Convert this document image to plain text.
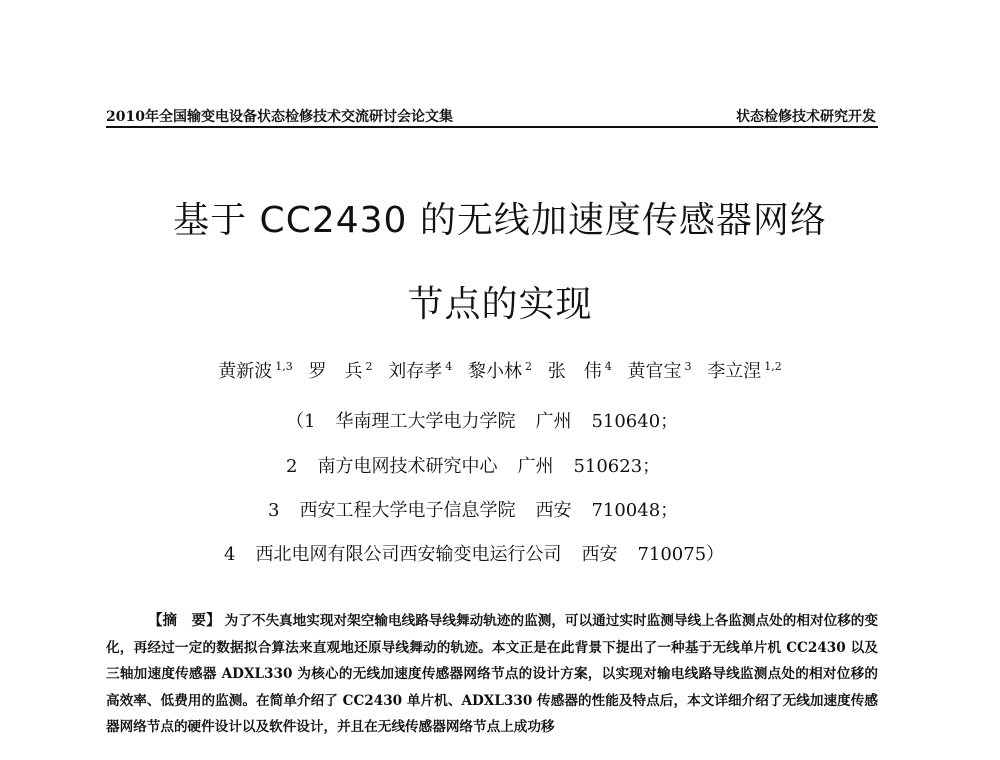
2010年全国输变电设备状态检修技术交流研讨会论文集	状态检修技术研究开发
基于 CC2430 的无线加速度传感器网络
节点的实现
黄新波 $^{1,3}$ 罗　兵 $^2$ 刘存孝 $^4$ 黎小林 $^2$ 张　伟 $^4$ 黄官宝 $^3$ 李立涅 $^{1,2}$
（1 华南理工大学电力学院 广州 510640；
2 南方电网技术研究中心 广州 510623；
3 西安工程大学电子信息学院 西安 710048；
4 西北电网有限公司西安输变电运行公司 西安 710075）
【摘　要】 为了不失真地实现对架空输电线路导线舞动轨迹的监测，可以通过实时监测导线上各监测点处的相对位移的变化，再经过一定的数据拟合算法来直观地还原导线舞动的轨迹。本文正是在此背景下提出了一种基于无线单片机 CC2430 以及三轴加速度传感器 ADXL330 为核心的无线加速度传感器网络节点的设计方案，以实现对输电线路导线监测点处的相对位移的高效率、低费用的监测。在简单介绍了 CC2430 单片机、ADXL330 传感器的性能及特点后，本文详细介绍了无线加速度传感器网络节点的硬件设计以及软件设计，并且在无线传感器网络节点上成功移
